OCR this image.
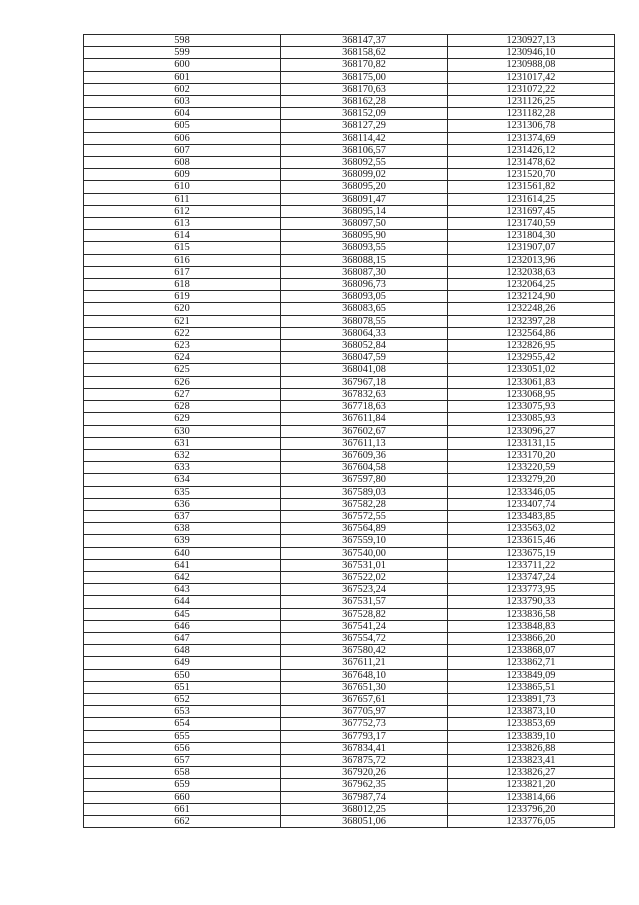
598	368147,37	1230927,13
599	368158,62	1230946,10
600	368170,82	1230988,08
601	368175,00	1231017,42
602	368170,63	1231072,22
603	368162,28	1231126,25
604	368152,09	1231182,28
605	368127,29	1231306,78
606	368114,42	1231374,69
607	368106,57	1231426,12
608	368092,55	1231478,62
609	368099,02	1231520,70
610	368095,20	1231561,82
611	368091,47	1231614,25
612	368095,14	1231697,45
613	368097,50	1231740,59
614	368095,90	1231804,30
615	368093,55	1231907,07
616	368088,15	1232013,96
617	368087,30	1232038,63
618	368096,73	1232064,25
619	368093,05	1232124,90
620	368083,65	1232248,26
621	368078,55	1232397,28
622	368064,33	1232564,86
623	368052,84	1232826,95
624	368047,59	1232955,42
625	368041,08	1233051,02
626	367967,18	1233061,83
627	367832,63	1233068,95
628	367718,63	1233075,93
629	367611,84	1233085,93
630	367602,67	1233096,27
631	367611,13	1233131,15
632	367609,36	1233170,20
633	367604,58	1233220,59
634	367597,80	1233279,20
635	367589,03	1233346,05
636	367582,28	1233407,74
637	367572,55	1233483,85
638	367564,89	1233563,02
639	367559,10	1233615,46
640	367540,00	1233675,19
641	367531,01	1233711,22
642	367522,02	1233747,24
643	367523,24	1233773,95
644	367531,57	1233790,33
645	367528,82	1233836,58
646	367541,24	1233848,83
647	367554,72	1233866,20
648	367580,42	1233868,07
649	367611,21	1233862,71
650	367648,10	1233849,09
651	367651,30	1233865,51
652	367657,61	1233891,73
653	367705,97	1233873,10
654	367752,73	1233853,69
655	367793,17	1233839,10
656	367834,41	1233826,88
657	367875,72	1233823,41
658	367920,26	1233826,27
659	367962,35	1233821,20
660	367987,74	1233814,66
661	368012,25	1233796,20
662	368051,06	1233776,05
